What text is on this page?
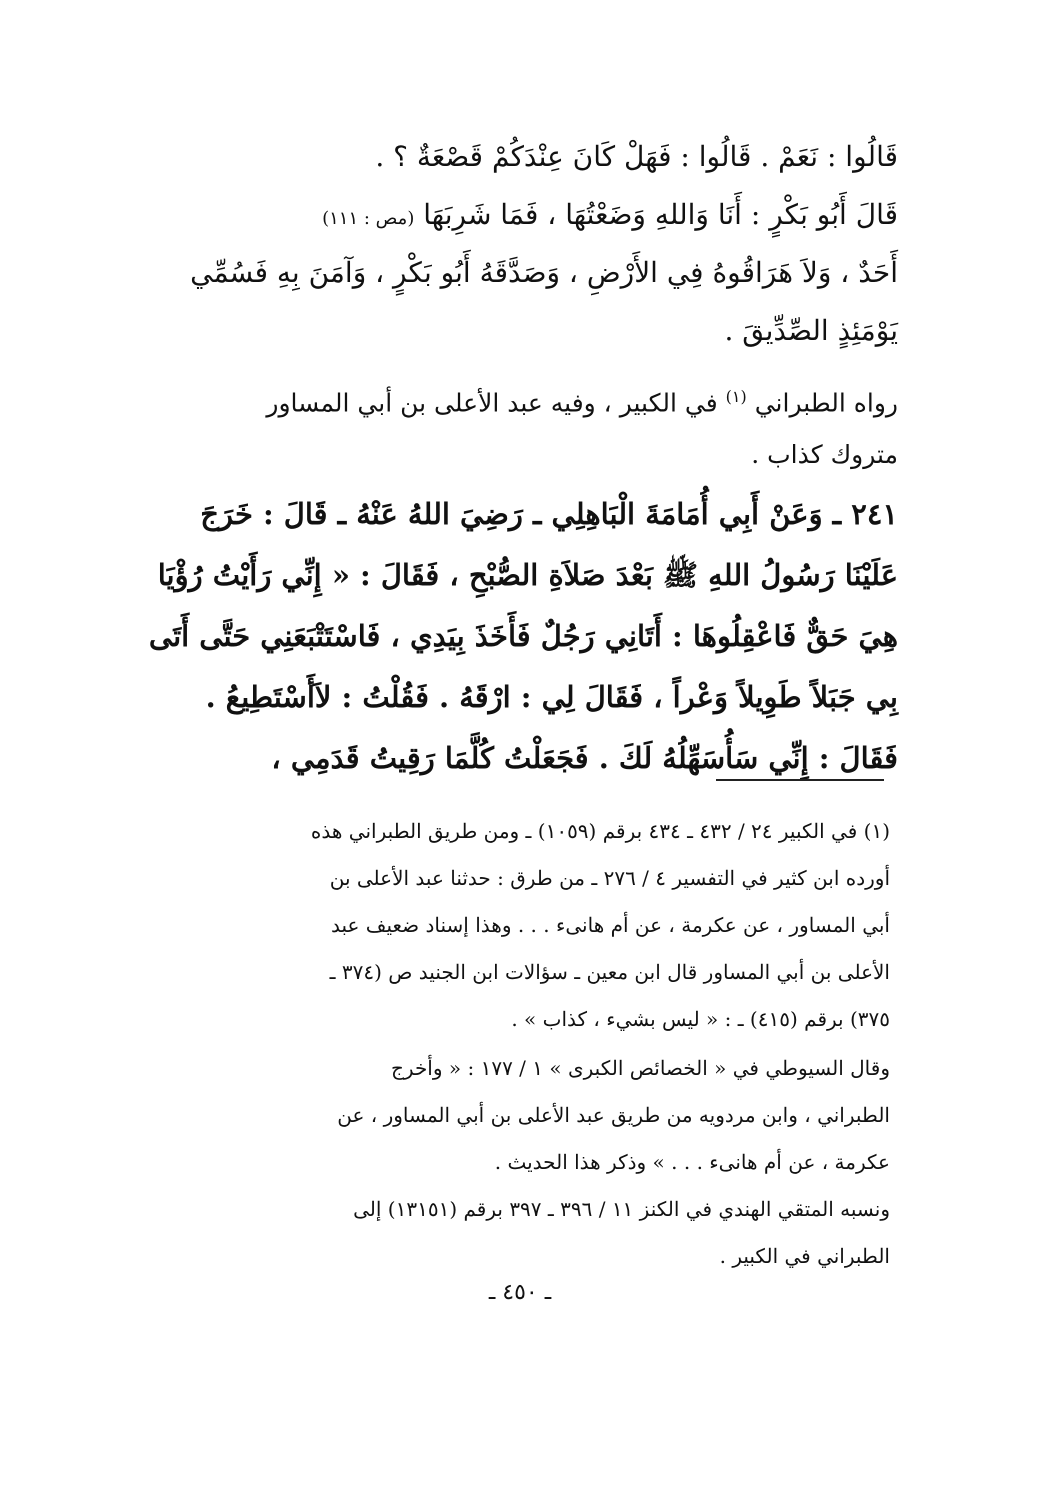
قَالُوا : نَعَمْ . قَالُوا : فَهَلْ كَانَ عِنْدَكُمْ قَصْعَةٌ ؟ .
قَالَ أَبُو بَكْرٍ : أَنَا وَاللهِ وَضَعْتُهَا ، فَمَا شَرِبَهَا (مص : ١١١)
أَحَدٌ ، وَلاَ هَرَاقُوهُ فِي الأَرْضِ ، وَصَدَّقَهُ أَبُو بَكْرٍ ، وَآمَنَ بِهِ فَسُمِّي
يَوْمَئِذٍ الصِّدِّيقَ .
رواه الطبراني $^{(١)}$ في الكبير ، وفيه عبد الأعلى بن أبي المساور
متروك كذاب .
٢٤١ ـ وَعَنْ أَبِي أُمَامَةَ الْبَاهِلِي ـ رَضِيَ اللهُ عَنْهُ ـ قَالَ : خَرَجَ
عَلَيْنَا رَسُولُ اللهِ ﷺ بَعْدَ صَلاَةِ الصُّبْحِ ، فَقَالَ : « إِنِّي رَأَيْتُ رُؤْيَا
هِيَ حَقٌّ فَاعْقِلُوهَا : أَتَانِي رَجُلٌ فَأَخَذَ بِيَدِي ، فَاسْتَتْبَعَنِي حَتَّى أَتَى
بِي جَبَلاً طَوِيلاً وَعْراً ، فَقَالَ لِي : ارْقَهُ . فَقُلْتُ : لاَأَسْتَطِيعُ .
فَقَالَ : إِنِّي سَأُسَهِّلُهُ لَكَ . فَجَعَلْتُ كُلَّمَا رَقِيتُ قَدَمِي ،
(١) في الكبير ٢٤ / ٤٣٢ ـ ٤٣٤ برقم (١٠٥٩) ـ ومن طريق الطبراني هذه
أورده ابن كثير في التفسير ٤ / ٢٧٦ ـ من طرق : حدثنا عبد الأعلى بن
أبي المساور ، عن عكرمة ، عن أم هانىء . . . وهذا إسناد ضعيف عبد
الأعلى بن أبي المساور قال ابن معين ـ سؤالات ابن الجنيد ص (٣٧٤ ـ
٣٧٥) برقم (٤١٥) ـ : « ليس بشيء ، كذاب » .
وقال السيوطي في « الخصائص الكبرى » ١ / ١٧٧ : « وأخرج
الطبراني ، وابن مردويه من طريق عبد الأعلى بن أبي المساور ، عن
عكرمة ، عن أم هانىء . . . » وذكر هذا الحديث .
ونسبه المتقي الهندي في الكنز ١١ / ٣٩٦ ـ ٣٩٧ برقم (١٣١٥١) إلى
الطبراني في الكبير .
ـ ٤٥٠ ـ
